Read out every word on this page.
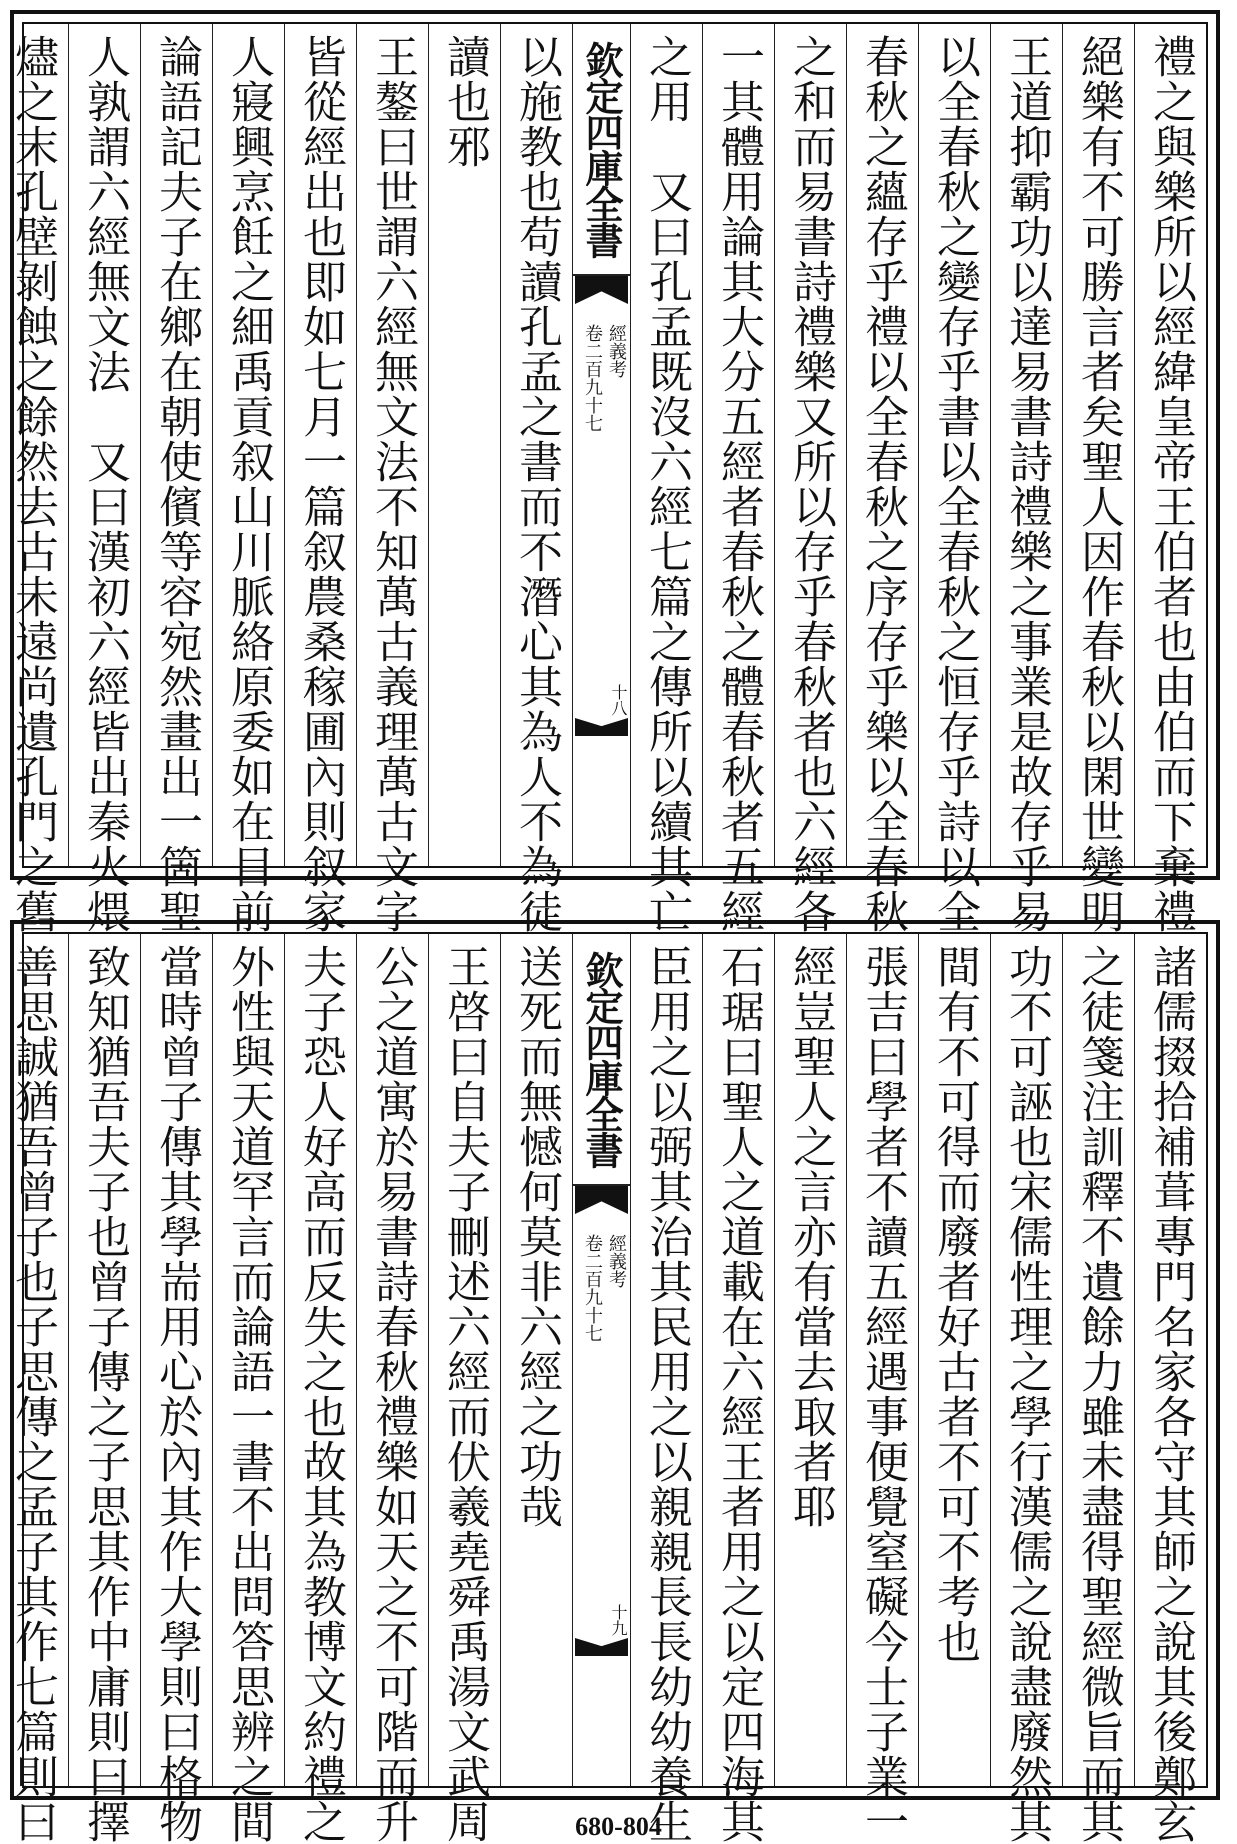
禮之與樂所以經緯皇帝王伯者也由伯而下棄禮
絕樂有不可勝言者矣聖人因作春秋以閑世變明
王道抑霸功以達易書詩禮樂之事業是故存乎易
以全春秋之變存乎書以全春秋之恒存乎詩以全
春秋之蘊存乎禮以全春秋之序存乎樂以全春秋
之和而易書詩禮樂又所以存乎春秋者也六經各
一其體用論其大分五經者春秋之體春秋者五經
之用　又曰孔孟既沒六經七篇之傳所以續其亡
欽定四庫全書
經義考
卷二百九十七
十八
以施教也苟讀孔孟之書而不潛心其為人不為徒
讀也邪
王鏊曰世謂六經無文法不知萬古義理萬古文字
皆從經出也即如七月一篇叙農桑稼圃內則叙家
人寢興烹飪之細禹貢叙山川脈絡原委如在目前
論語記夫子在鄉在朝使儐等容宛然畫出一箇聖
人孰謂六經無文法　又曰漢初六經皆出秦火煨
燼之末孔壁剝蝕之餘然去古未遠尚遺孔門之舊
諸儒掇拾補葺專門名家各守其師之說其後鄭玄
之徒箋注訓釋不遺餘力雖未盡得聖經微旨而其
功不可誣也宋儒性理之學行漢儒之說盡廢然其
間有不可得而廢者好古者不可不考也
張吉曰學者不讀五經遇事便覺窒礙今士子業一
經豈聖人之言亦有當去取者耶
石琚曰聖人之道載在六經王者用之以定四海其
臣用之以弼其治其民用之以親親長長幼幼養生
欽定四庫全書
經義考
卷二百九十七
十九
送死而無憾何莫非六經之功哉
王啓曰自夫子刪述六經而伏羲堯舜禹湯文武周
公之道寓於易書詩春秋禮樂如天之不可階而升
夫子恐人好高而反失之也故其為教博文約禮之
外性與天道罕言而論語一書不出問答思辨之間
當時曾子傳其學耑用心於內其作大學則曰格物
致知猶吾夫子也曾子傳之子思其作中庸則曰擇
善思誠猶吾曾子也子思傳之孟子其作七篇則曰	680-804
